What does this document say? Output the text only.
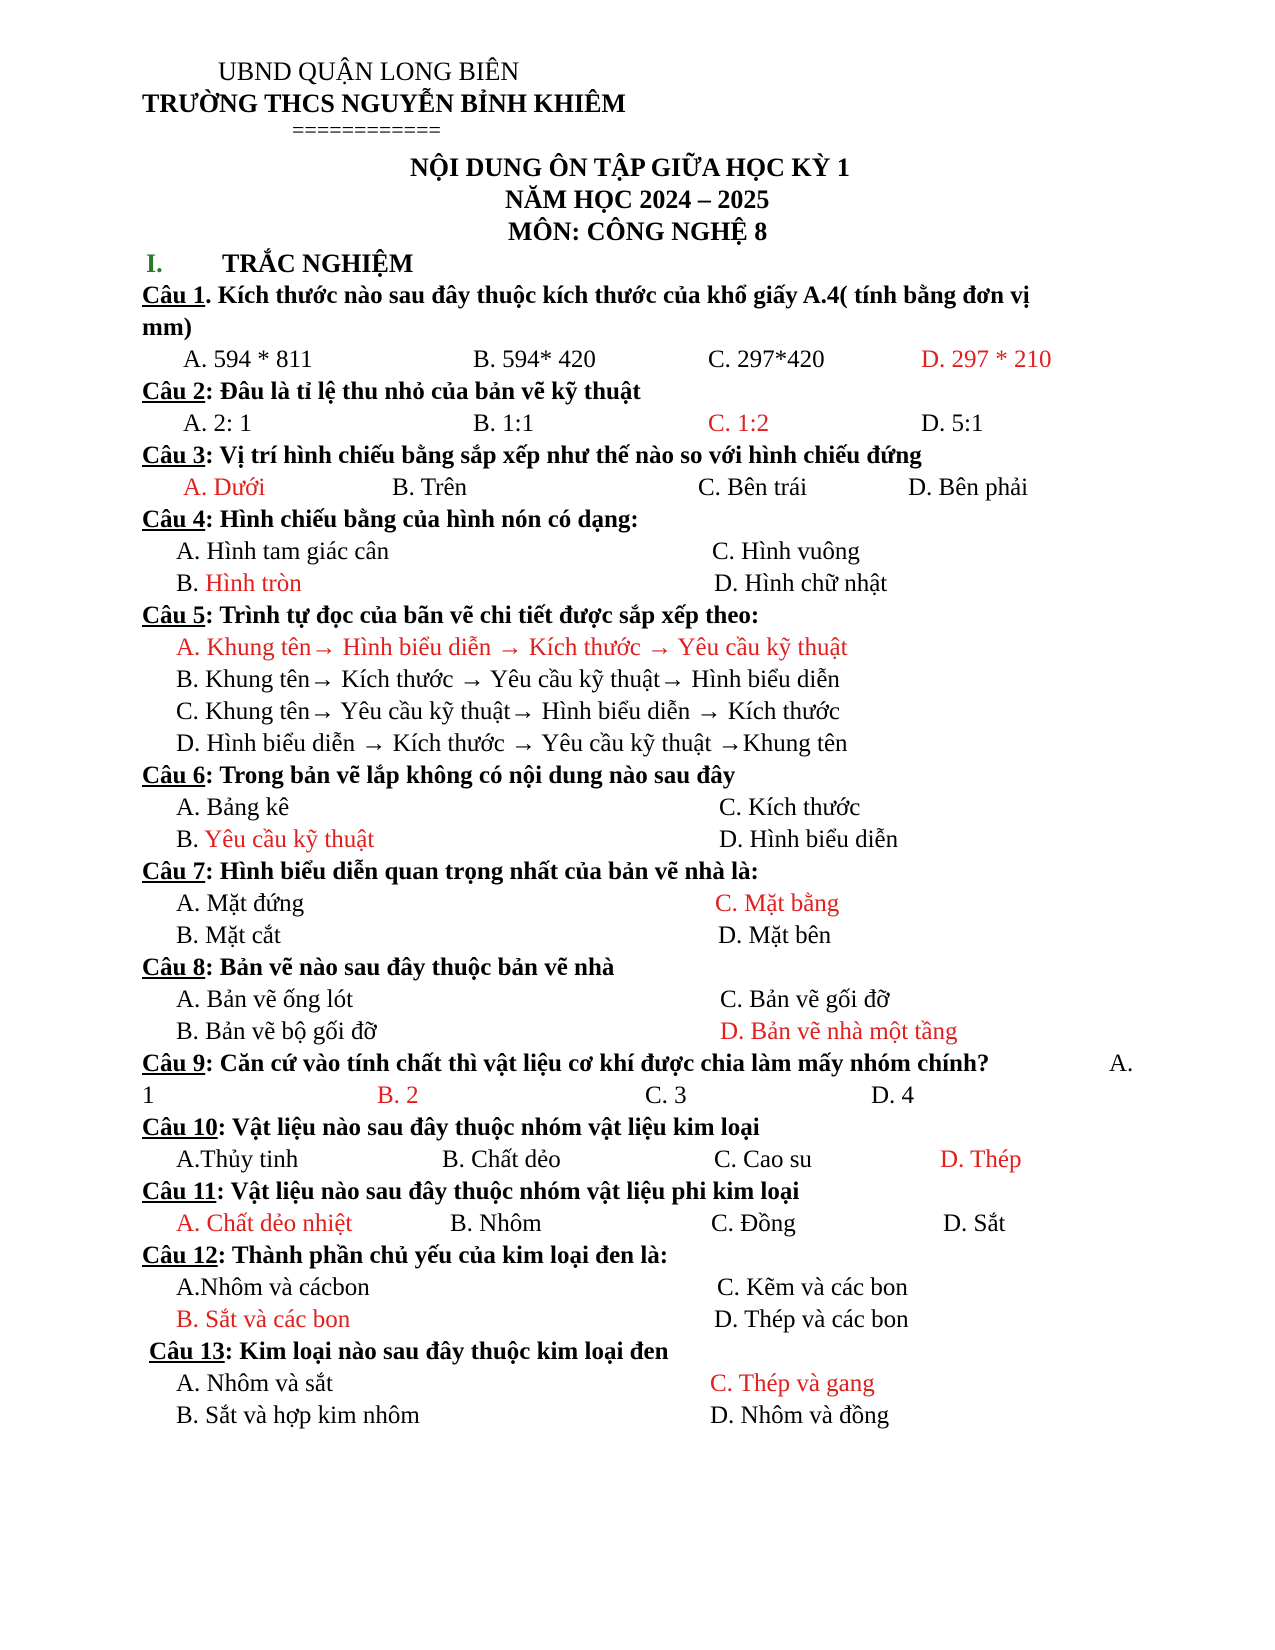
UBND QUẬN LONG BIÊN
TRƯỜNG THCS NGUYỄN BỈNH KHIÊM
============
NỘI DUNG ÔN TẬP GIỮA HỌC KỲ 1
NĂM HỌC 2024 – 2025
MÔN: CÔNG NGHỆ 8
I. TRẮC NGHIỆM
Câu 1. Kích thước nào sau đây thuộc kích thước của khổ giấy A.4( tính bằng đơn vị
mm)
A. 594 * 811	B. 594* 420	C. 297*420	D. 297 * 210
Câu 2: Đâu là tỉ lệ thu nhỏ của bản vẽ kỹ thuật
A. 2: 1	B. 1:1	C. 1:2	D. 5:1
Câu 3: Vị trí hình chiếu bằng sắp xếp như thế nào so với hình chiếu đứng
A. Dưới	B. Trên	C. Bên trái	D. Bên phải
Câu 4: Hình chiếu bằng của hình nón có dạng:
A. Hình tam giác cân	C. Hình vuông
B. Hình tròn	D. Hình chữ nhật
Câu 5: Trình tự đọc của bãn vẽ chi tiết được sắp xếp theo:
A. Khung tên→ Hình biểu diễn → Kích thước → Yêu cầu kỹ thuật
B. Khung tên→ Kích thước → Yêu cầu kỹ thuật→ Hình biểu diễn
C. Khung tên→ Yêu cầu kỹ thuật→ Hình biểu diễn → Kích thước
D. Hình biểu diễn → Kích thước → Yêu cầu kỹ thuật →Khung tên
Câu 6: Trong bản vẽ lắp không có nội dung nào sau đây
A. Bảng kê	C. Kích thước
B. Yêu cầu kỹ thuật	D. Hình biểu diễn
Câu 7: Hình biểu diễn quan trọng nhất của bản vẽ nhà là:
A. Mặt đứng	C. Mặt bằng
B. Mặt cắt	D. Mặt bên
Câu 8: Bản vẽ nào sau đây thuộc bản vẽ nhà
A. Bản vẽ ống lót	C. Bản vẽ gối đỡ
B. Bản vẽ bộ gối đỡ	D. Bản vẽ nhà một tầng
Câu 9: Căn cứ vào tính chất thì vật liệu cơ khí được chia làm mấy nhóm chính?	A.
1	B. 2	C. 3	D. 4
Câu 10: Vật liệu nào sau đây thuộc nhóm vật liệu kim loại
A.Thủy tinh	B. Chất dẻo	C. Cao su	D. Thép
Câu 11: Vật liệu nào sau đây thuộc nhóm vật liệu phi kim loại
A. Chất dẻo nhiệt	B. Nhôm	C. Đồng	D. Sắt
Câu 12: Thành phần chủ yếu của kim loại đen là:
A.Nhôm và cácbon	C. Kẽm và các bon
B. Sắt và các bon	D. Thép và các bon
Câu 13: Kim loại nào sau đây thuộc kim loại đen
A. Nhôm và sắt	C. Thép và gang
B. Sắt và hợp kim nhôm	D. Nhôm và đồng
